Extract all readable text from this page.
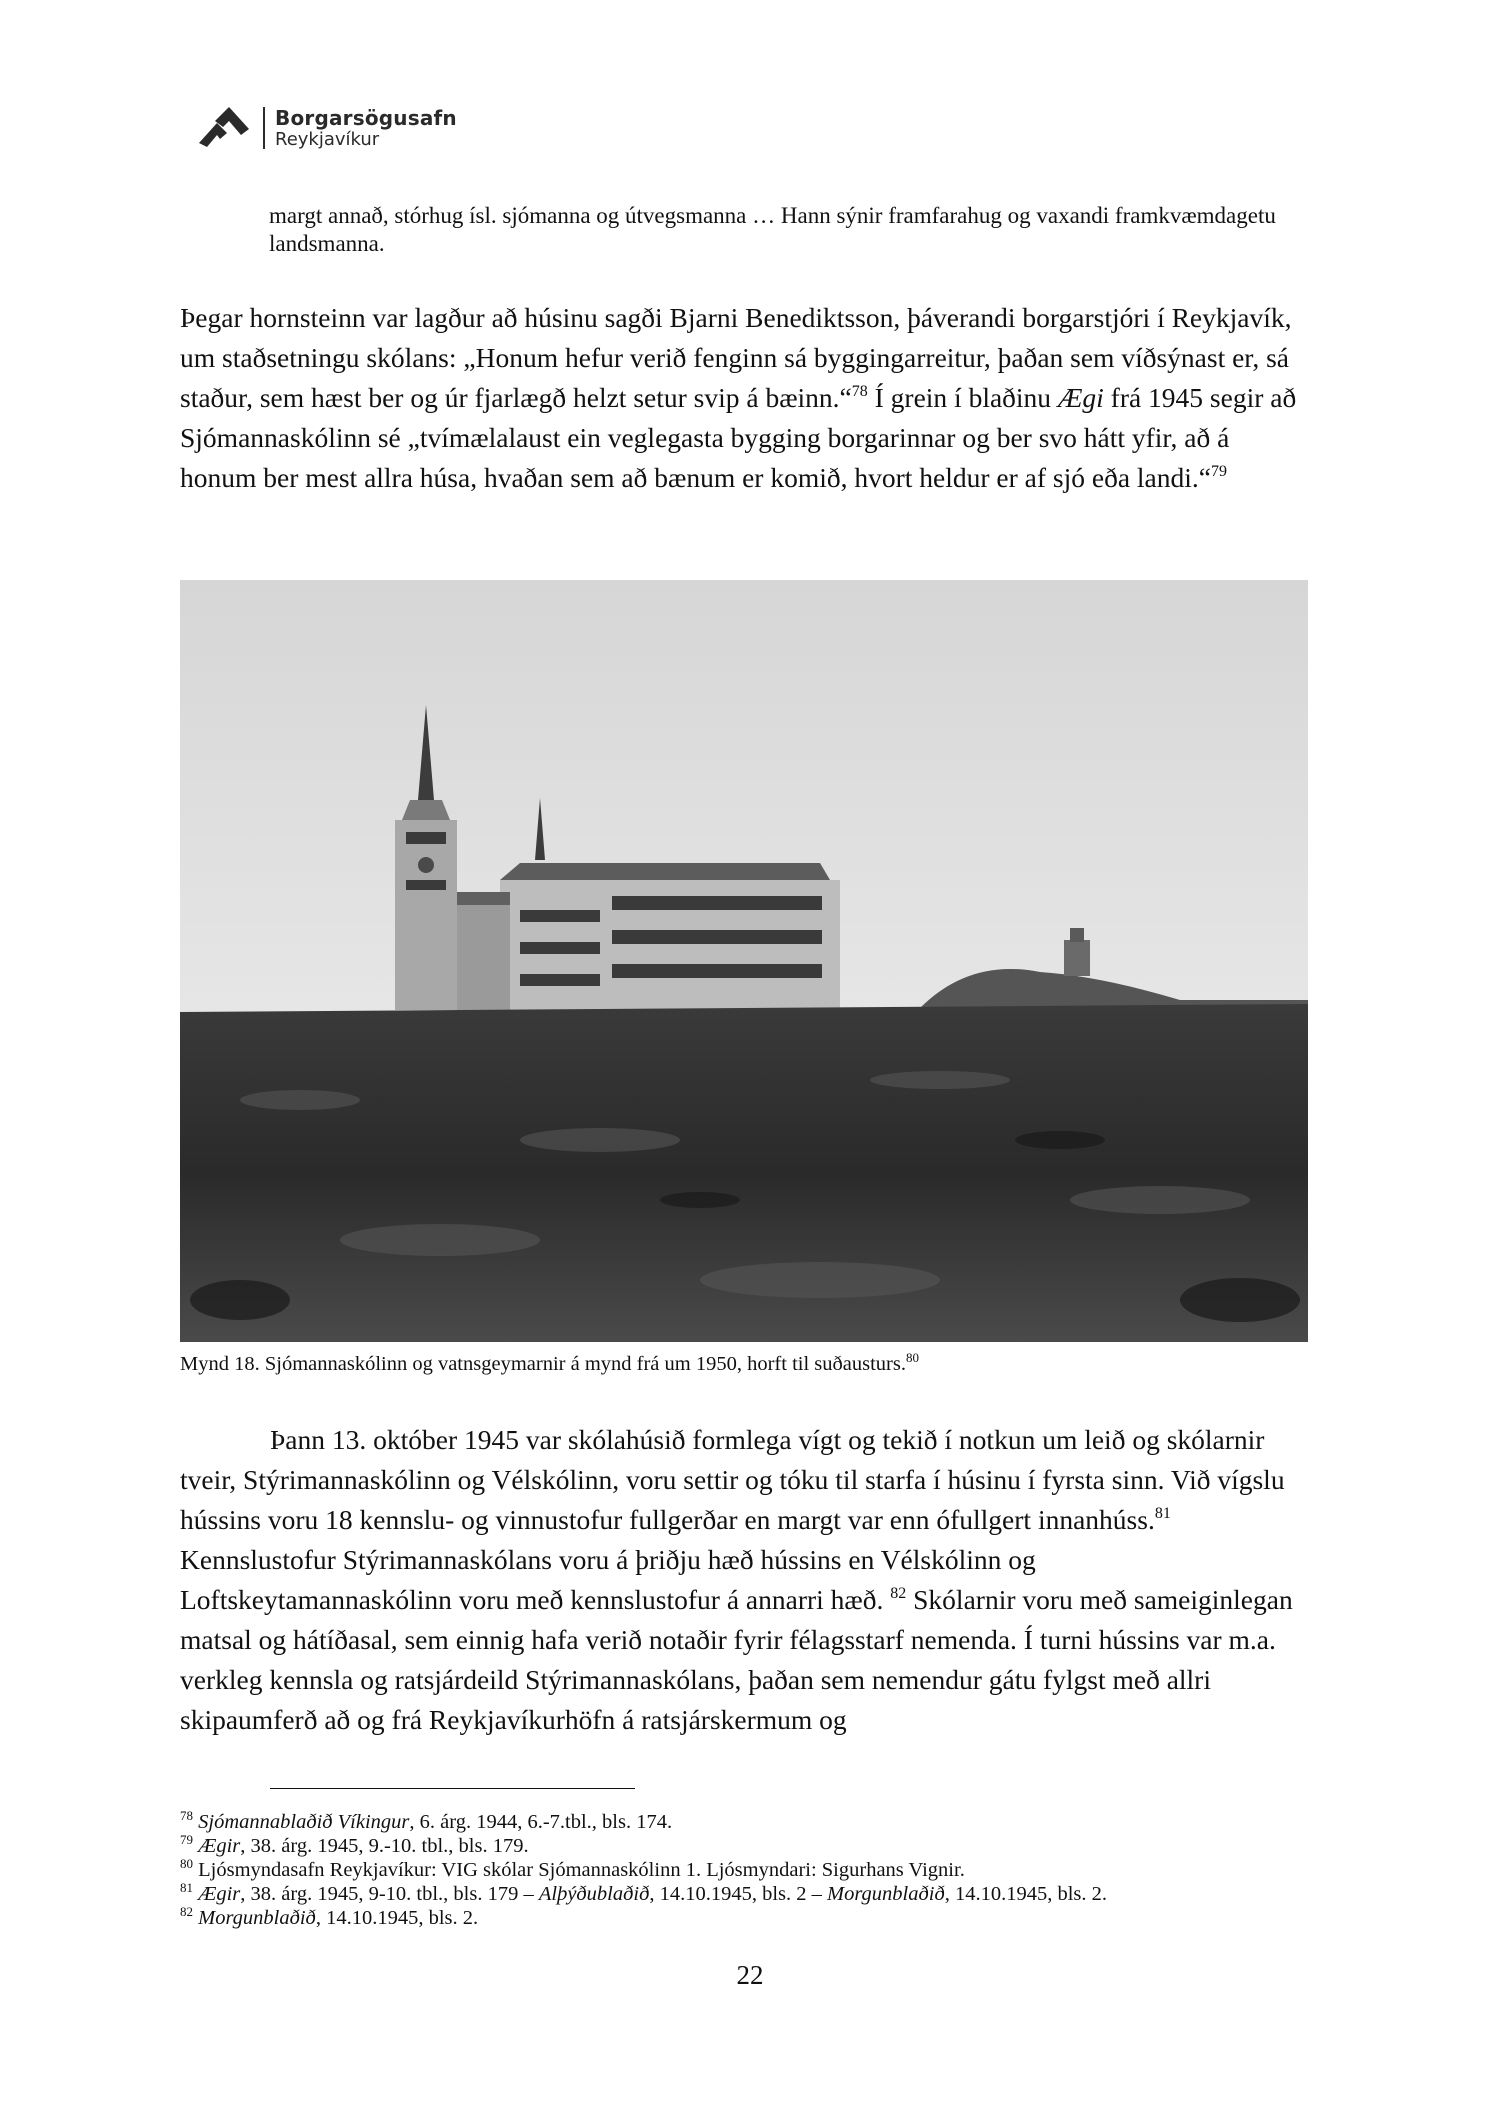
Borgarsögusafn
Reykjavíkur
margt annað, stórhug ísl. sjómanna og útvegsmanna … Hann sýnir framfarahug og vaxandi framkvæmdagetu landsmanna.

Þegar hornsteinn var lagður að húsinu sagði Bjarni Benediktsson, þáverandi borgarstjóri í Reykjavík, um staðsetningu skólans: „Honum hefur verið fenginn sá byggingarreitur, þaðan sem víðsýnast er, sá staður, sem hæst ber og úr fjarlægð helzt setur svip á bæinn.“$^{78}$ Í grein í blaðinu Ægi frá 1945 segir að Sjómannaskólinn sé „tvímælalaust ein veglegasta bygging borgarinnar og ber svo hátt yfir, að á honum ber mest allra húsa, hvaðan sem að bænum er komið, hvort heldur er af sjó eða landi.“$^{79}$

Mynd 18. Sjómannaskólinn og vatnsgeymarnir á mynd frá um 1950, horft til suðausturs.$^{80}$

Þann 13. október 1945 var skólahúsið formlega vígt og tekið í notkun um leið og skólarnir tveir, Stýrimannaskólinn og Vélskólinn, voru settir og tóku til starfa í húsinu í fyrsta sinn. Við vígslu hússins voru 18 kennslu- og vinnustofur fullgerðar en margt var enn ófullgert innanhúss.$^{81}$ Kennslustofur Stýrimannaskólans voru á þriðju hæð hússins en Vélskólinn og Loftskeytamannaskólinn voru með kennslustofur á annarri hæð. $^{82}$ Skólarnir voru með sameiginlegan matsal og hátíðasal, sem einnig hafa verið notaðir fyrir félagsstarf nemenda. Í turni hússins var m.a. verkleg kennsla og ratsjárdeild Stýrimannaskólans, þaðan sem nemendur gátu fylgst með allri skipaumferð að og frá Reykjavíkurhöfn á ratsjárskermum og

$^{78}$ Sjómannablaðið Víkingur, 6. árg. 1944, 6.-7.tbl., bls. 174.
$^{79}$ Ægir, 38. árg. 1945, 9.-10. tbl., bls. 179.
$^{80}$ Ljósmyndasafn Reykjavíkur: VIG skólar Sjómannaskólinn 1. Ljósmyndari: Sigurhans Vignir.
$^{81}$ Ægir, 38. árg. 1945, 9-10. tbl., bls. 179 – Alþýðublaðið, 14.10.1945, bls. 2 – Morgunblaðið, 14.10.1945, bls. 2.
$^{82}$ Morgunblaðið, 14.10.1945, bls. 2.
22
